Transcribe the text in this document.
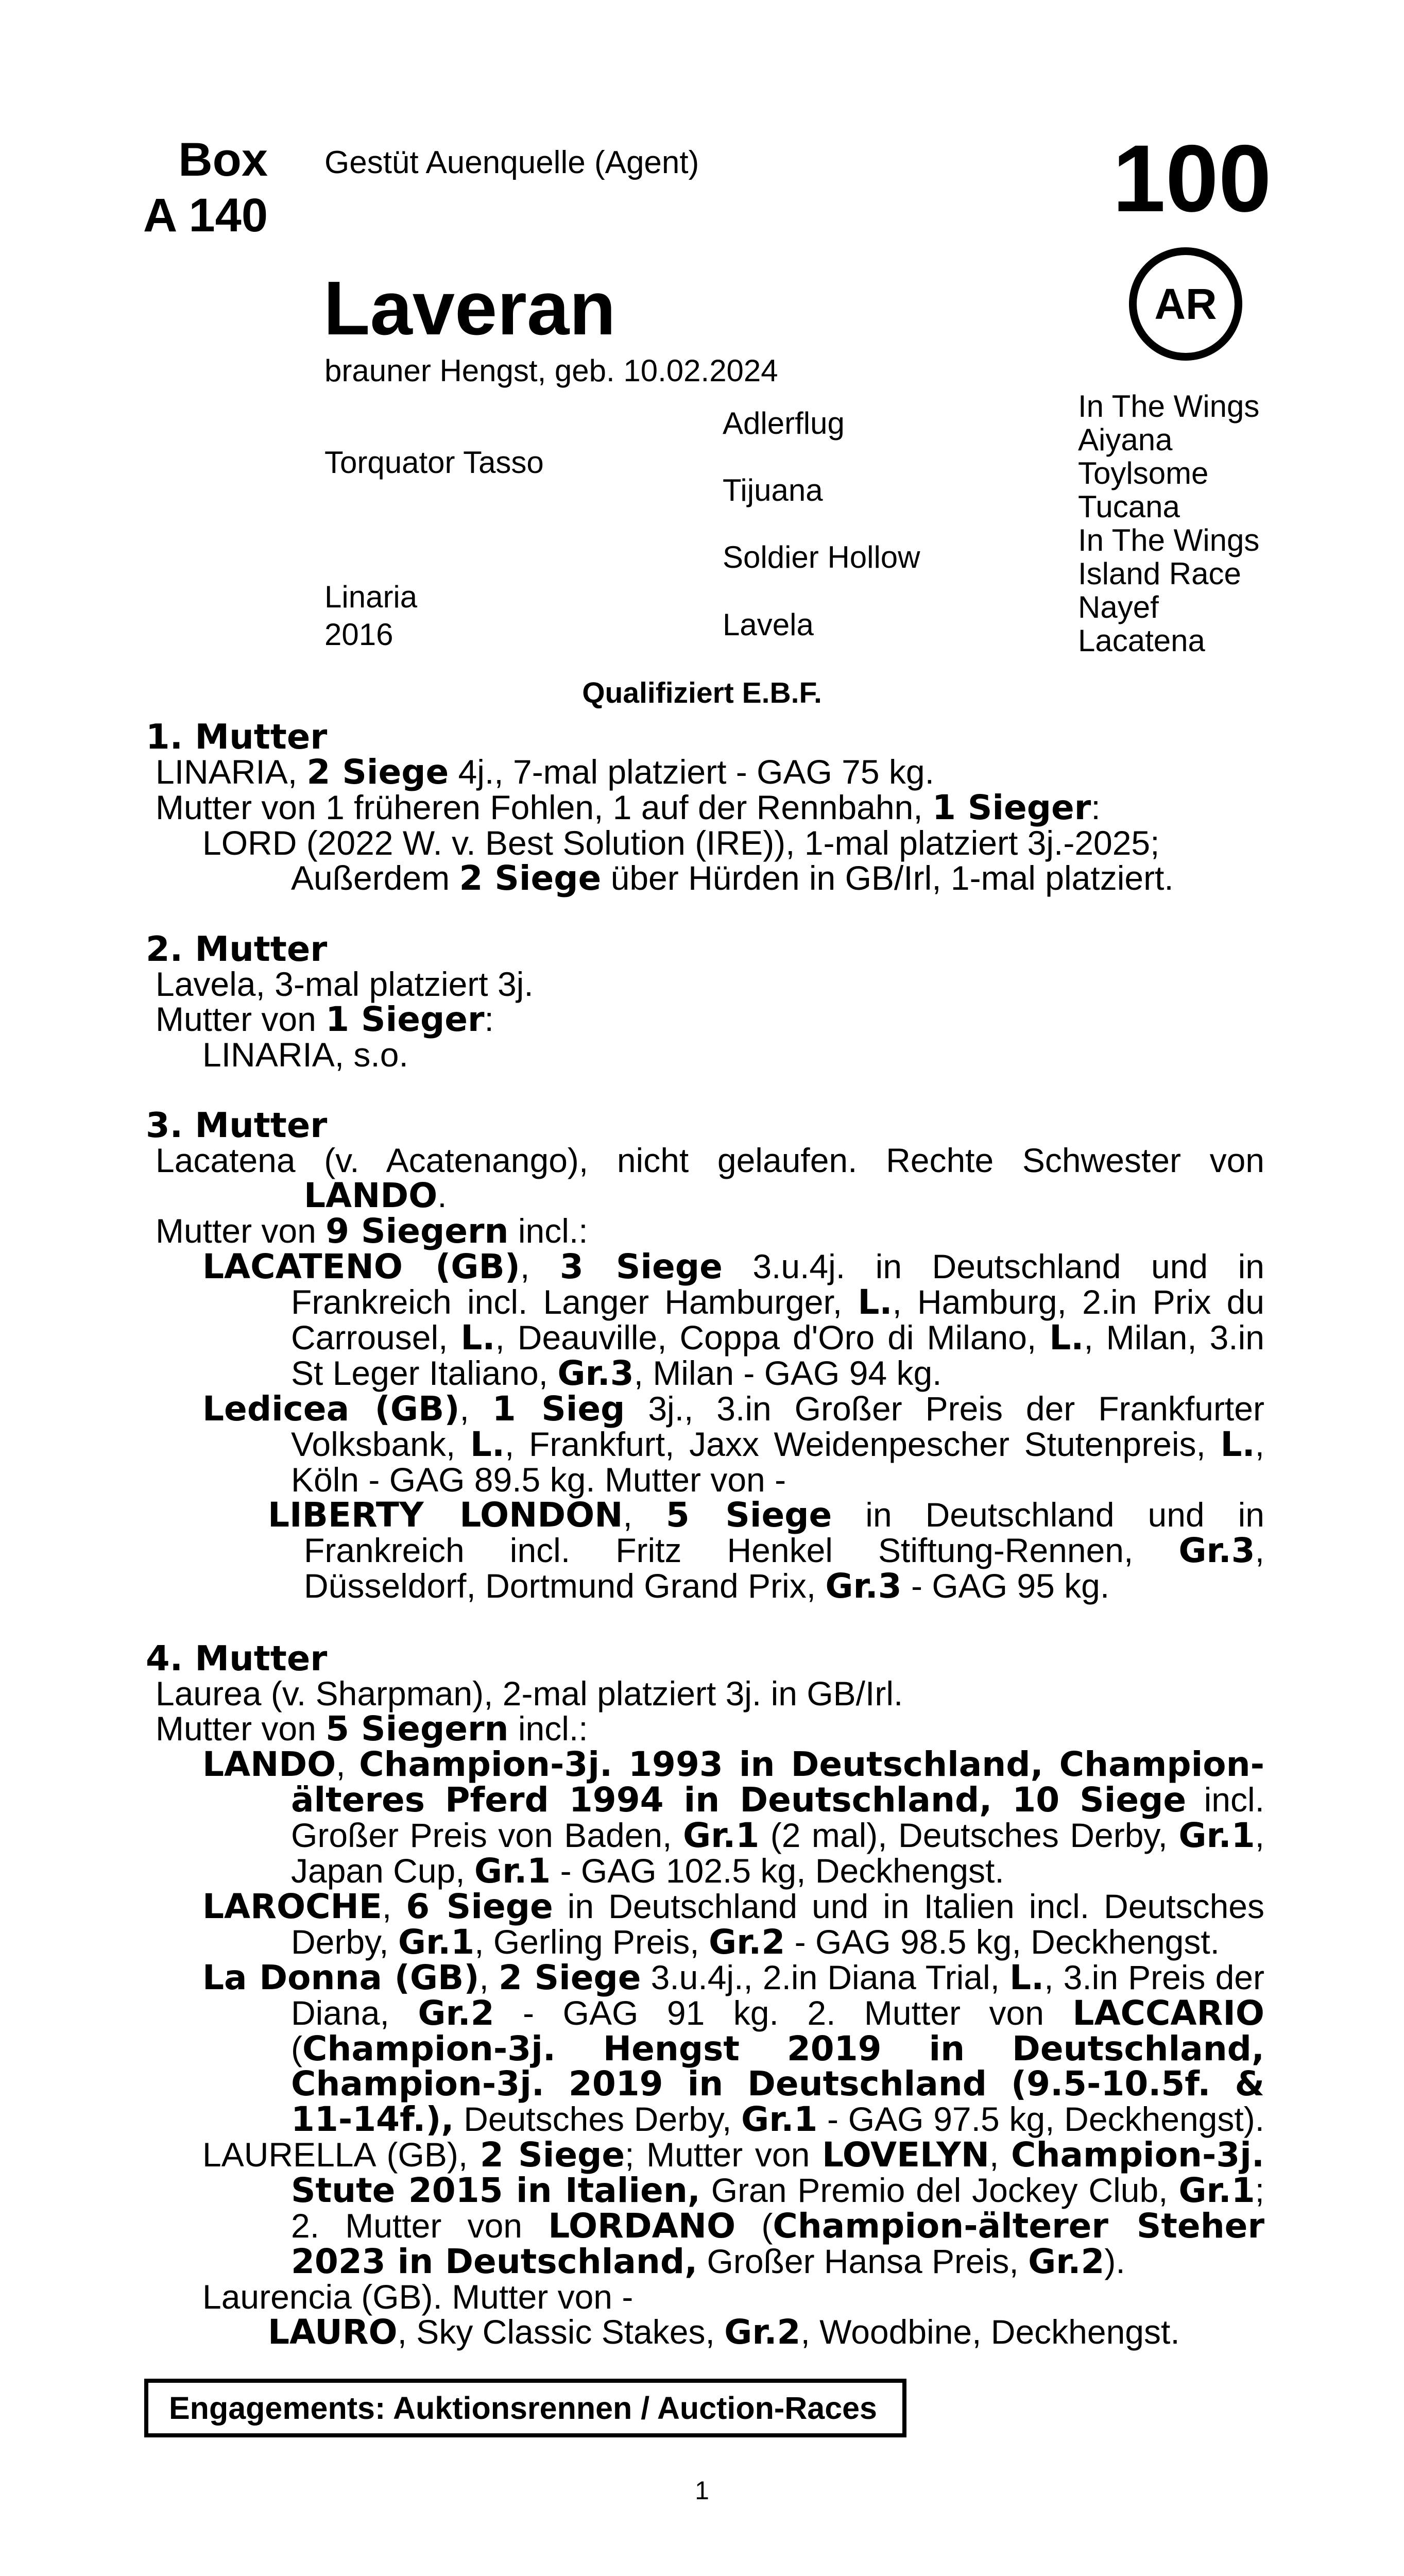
Box
A 140
Gestüt Auenquelle (Agent)	100
AR
Laveran
brauner Hengst, geb. 10.02.2024
Torquator Tasso
Linaria
2016
Adlerflug
Tijuana
Soldier Hollow
Lavela
In The Wings
Aiyana
Toylsome
Tucana
In The Wings
Island Race
Nayef
Lacatena
Qualifiziert E.B.F.
1. Mutter
LINARIA, 2 Siege 4j., 7-mal platziert - GAG 75 kg.
Mutter von 1 früheren Fohlen, 1 auf der Rennbahn, 1 Sieger:
LORD (2022 W. v. Best Solution (IRE)), 1-mal platziert 3j.-2025;
Außerdem 2 Siege über Hürden in GB/Irl, 1-mal platziert.
2. Mutter
Lavela, 3-mal platziert 3j.
Mutter von 1 Sieger:
LINARIA, s.o.
3. Mutter
Lacatena (v. Acatenango), nicht gelaufen. Rechte Schwester von
LANDO.
Mutter von 9 Siegern incl.:
LACATENO (GB), 3 Siege 3.u.4j. in Deutschland und in
Frankreich incl. Langer Hamburger, L., Hamburg, 2.in Prix du
Carrousel, L., Deauville, Coppa d'Oro di Milano, L., Milan, 3.in
St Leger Italiano, Gr.3, Milan - GAG 94 kg.
Ledicea (GB), 1 Sieg 3j., 3.in Großer Preis der Frankfurter
Volksbank, L., Frankfurt, Jaxx Weidenpescher Stutenpreis, L.,
Köln - GAG 89.5 kg. Mutter von -
LIBERTY LONDON, 5 Siege in Deutschland und in
Frankreich incl. Fritz Henkel Stiftung-Rennen, Gr.3,
Düsseldorf, Dortmund Grand Prix, Gr.3 - GAG 95 kg.
4. Mutter
Laurea (v. Sharpman), 2-mal platziert 3j. in GB/Irl.
Mutter von 5 Siegern incl.:
LANDO, Champion-3j. 1993 in Deutschland, Champion-
älteres Pferd 1994 in Deutschland, 10 Siege incl.
Großer Preis von Baden, Gr.1 (2 mal), Deutsches Derby, Gr.1,
Japan Cup, Gr.1 - GAG 102.5 kg, Deckhengst.
LAROCHE, 6 Siege in Deutschland und in Italien incl. Deutsches
Derby, Gr.1, Gerling Preis, Gr.2 - GAG 98.5 kg, Deckhengst.
La Donna (GB), 2 Siege 3.u.4j., 2.in Diana Trial, L., 3.in Preis der
Diana, Gr.2 - GAG 91 kg. 2. Mutter von LACCARIO
(Champion-3j. Hengst 2019 in Deutschland,
Champion-3j. 2019 in Deutschland (9.5-10.5f. &
11-14f.), Deutsches Derby, Gr.1 - GAG 97.5 kg, Deckhengst).
LAURELLA (GB), 2 Siege; Mutter von LOVELYN, Champion-3j.
Stute 2015 in Italien, Gran Premio del Jockey Club, Gr.1;
2. Mutter von LORDANO (Champion-älterer Steher
2023 in Deutschland, Großer Hansa Preis, Gr.2).
Laurencia (GB). Mutter von -
LAURO, Sky Classic Stakes, Gr.2, Woodbine, Deckhengst.
Engagements: Auktionsrennen / Auction-Races
1
